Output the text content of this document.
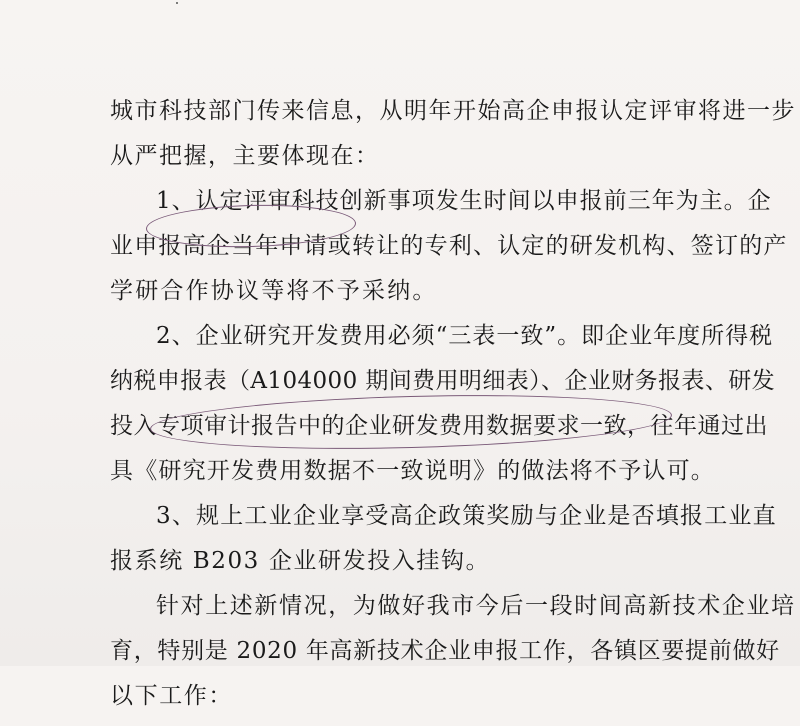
城市科技部门传来信息，从明年开始高企申报认定评审将进一步
从严把握，主要体现在：
1、认定评审科技创新事项发生时间以申报前三年为主。企
业申报高企当年申请或转让的专利、认定的研发机构、签订的产
学研合作协议等将不予采纳。
2、企业研究开发费用必须“三表一致”。即企业年度所得税
纳税申报表（A104000 期间费用明细表）、企业财务报表、研发
投入专项审计报告中的企业研发费用数据要求一致，往年通过出
具《研究开发费用数据不一致说明》的做法将不予认可。
3、规上工业企业享受高企政策奖励与企业是否填报工业直
报系统 B203 企业研发投入挂钩。
针对上述新情况，为做好我市今后一段时间高新技术企业培
育，特别是 2020 年高新技术企业申报工作，各镇区要提前做好
以下工作：
